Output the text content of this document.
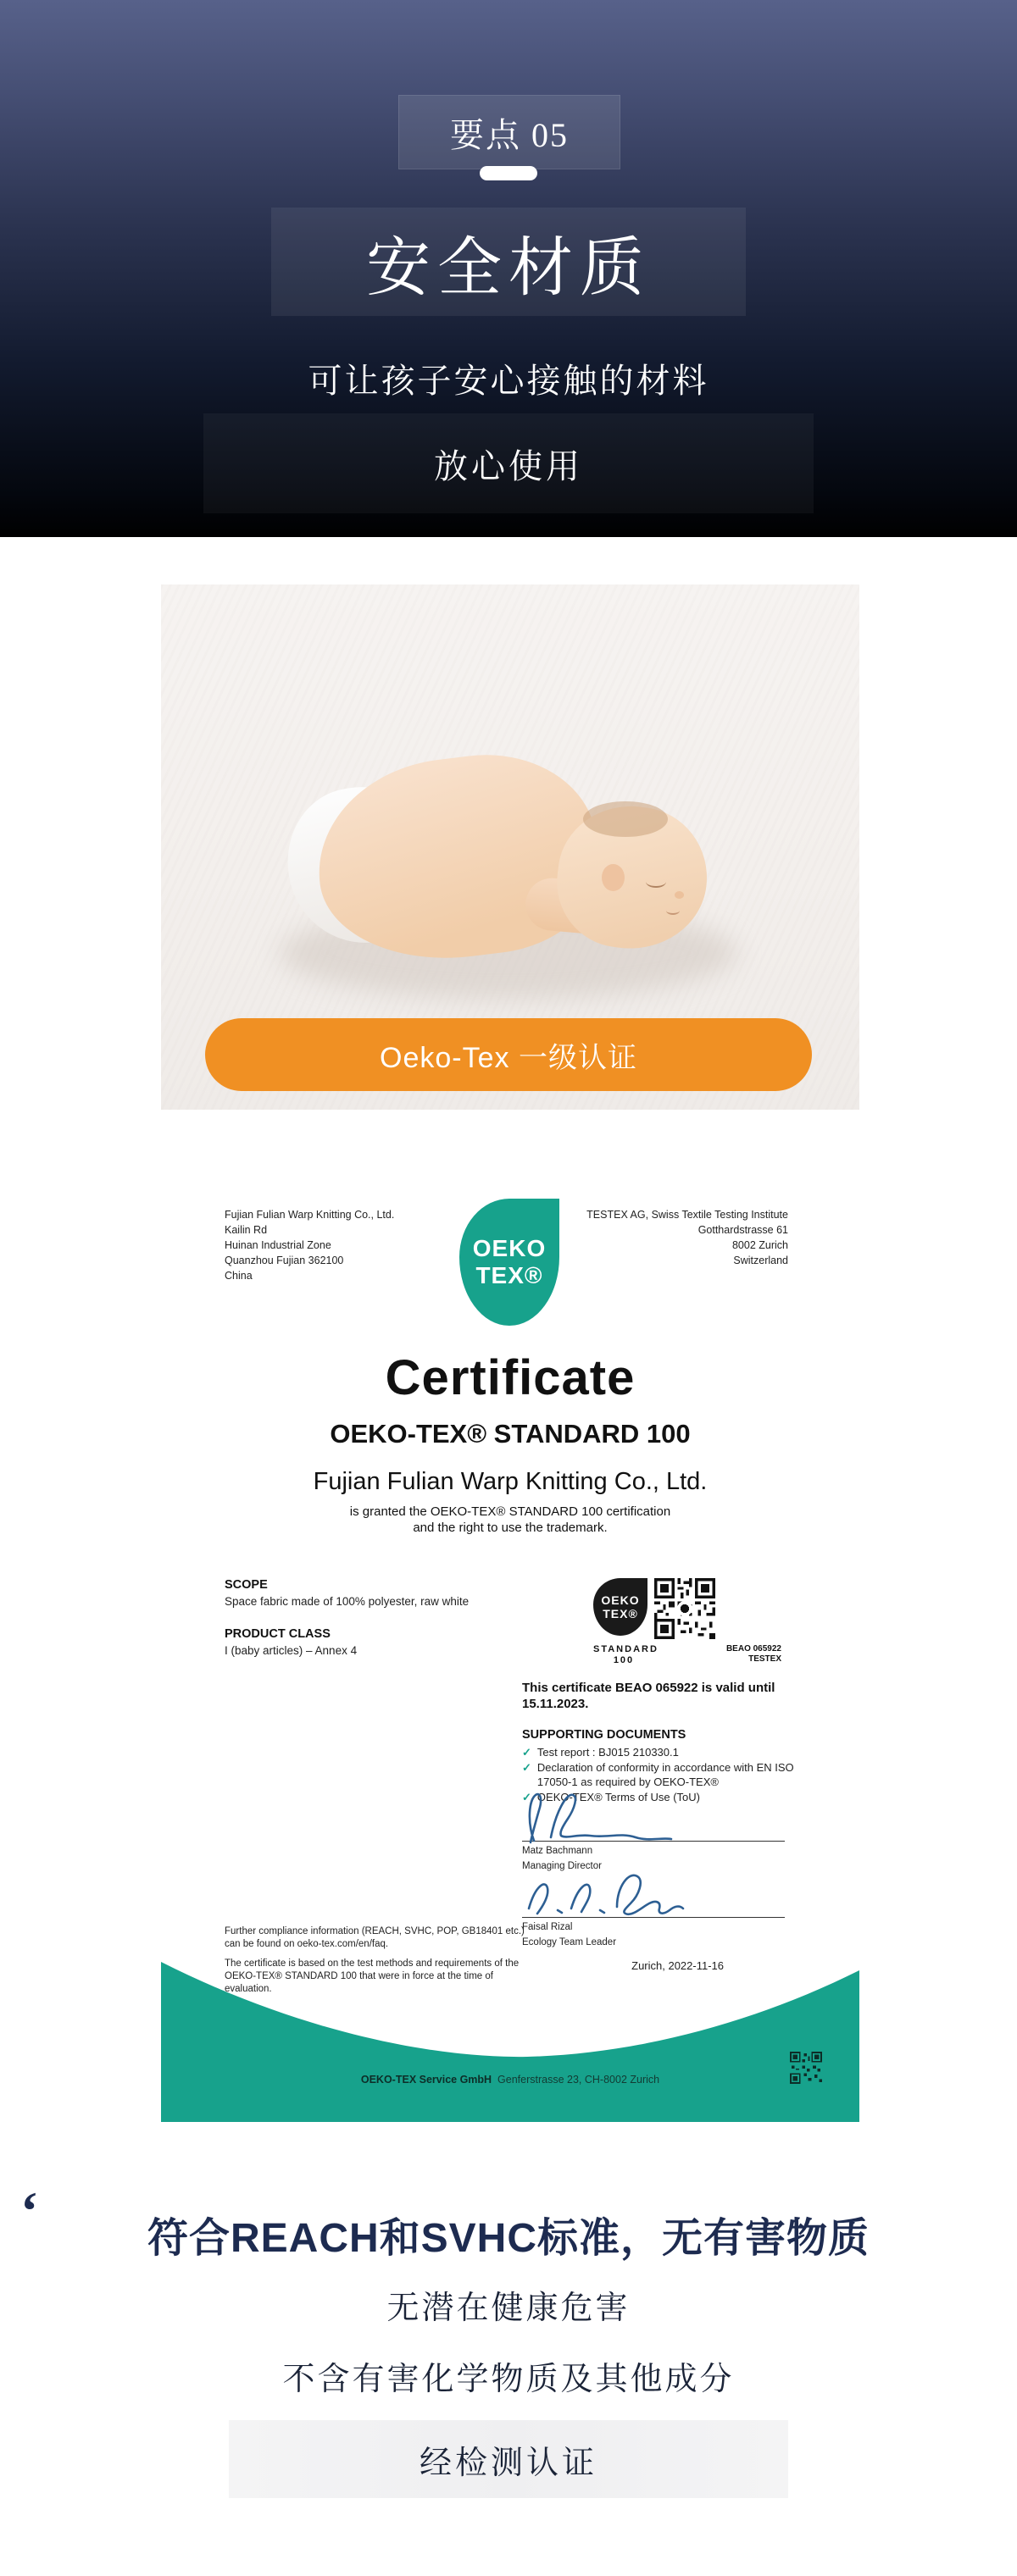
要点 05
安全材质
可让孩子安心接触的材料
放心使用
Oeko-Tex 一级认证
Fujian Fulian Warp Knitting Co., Ltd.
Kailin Rd
Huinan Industrial Zone
Quanzhou Fujian 362100
China
OEKO
TEX®
TESTEX AG, Swiss Textile Testing Institute
Gotthardstrasse 61
8002 Zurich
Switzerland
Certificate
OEKO-TEX® STANDARD 100
Fujian Fulian Warp Knitting Co., Ltd.
is granted the OEKO-TEX® STANDARD 100 certification
and the right to use the trademark.
SCOPE
Space fabric made of 100% polyester, raw white
PRODUCT CLASS
I (baby articles) – Annex 4
OEKO
TEX®
STANDARD
100
BEAO 065922
TESTEX
This certificate BEAO 065922 is valid until 15.11.2023.
SUPPORTING DOCUMENTS
✓ Test report : BJ015 210330.1
✓ Declaration of conformity in accordance with EN ISO 17050-1 as required by OEKO-TEX®
✓ OEKO-TEX® Terms of Use (ToU)
Matz Bachmann
Managing Director
Faisal Rizal
Ecology Team Leader

Further compliance information (REACH, SVHC, POP, GB18401 etc.) can be found on oeko-tex.com/en/faq.

The certificate is based on the test methods and requirements of the OEKO-TEX® STANDARD 100 that were in force at the time of evaluation.

Zurich, 2022-11-16
OEKO-TEX Service GmbH Genferstrasse 23, CH-8002 Zurich
‘	符合REACH和SVHC标准，无有害物质
无潜在健康危害
不含有害化学物质及其他成分
经检测认证
